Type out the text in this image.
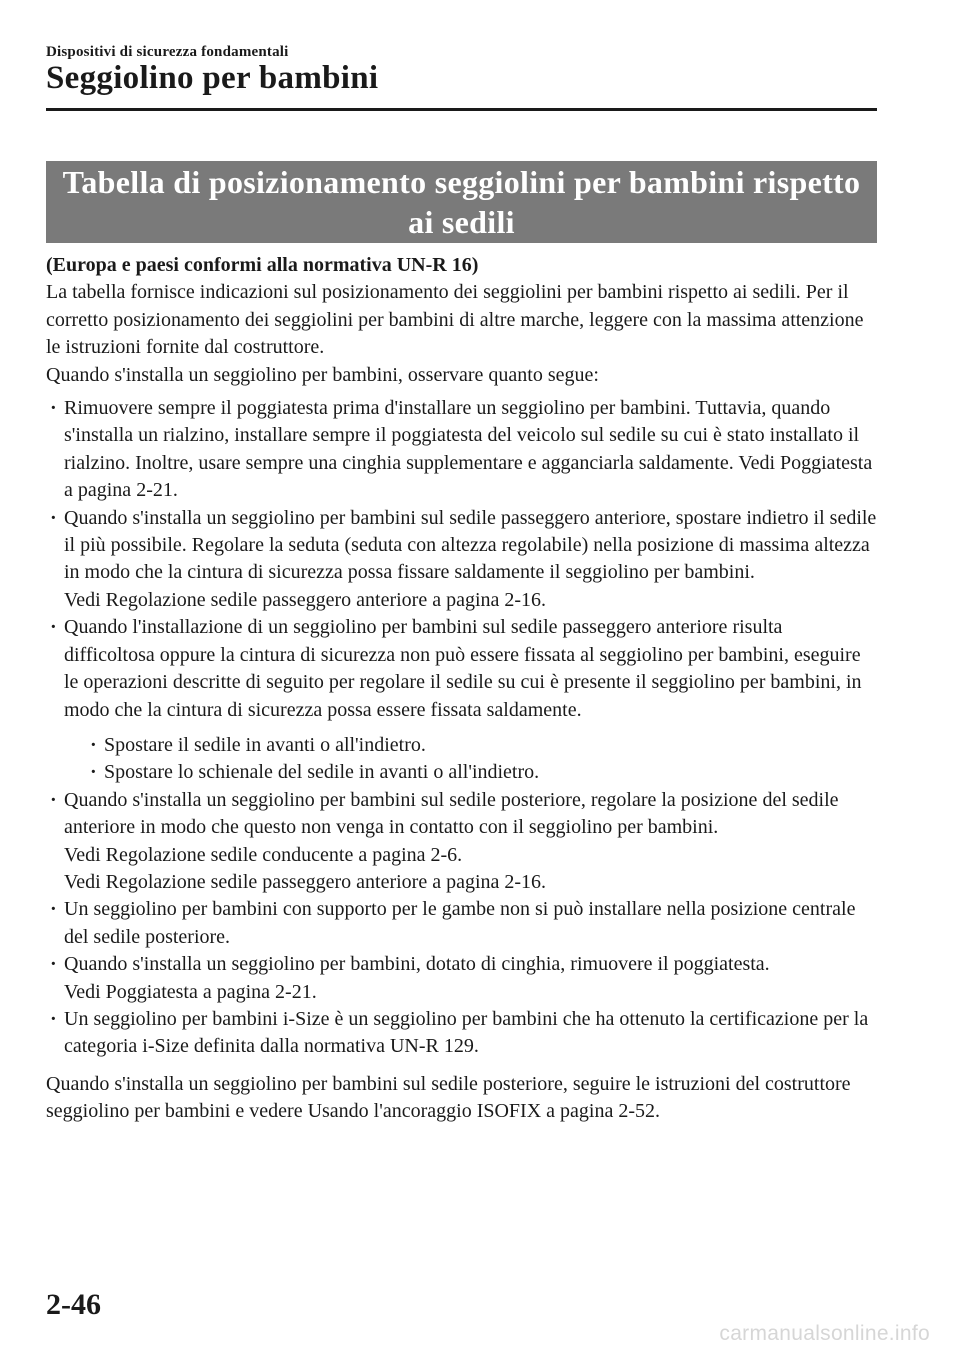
Dispositivi di sicurezza fondamentali
Seggiolino per bambini
Tabella di posizionamento seggiolini per bambini rispetto ai sedili

(Europa e paesi conformi alla normativa UN-R 16)

La tabella fornisce indicazioni sul posizionamento dei seggiolini per bambini rispetto ai sedili. Per il corretto posizionamento dei seggiolini per bambini di altre marche, leggere con la massima attenzione le istruzioni fornite dal costruttore.

Quando s'installa un seggiolino per bambini, osservare quanto segue:

· Rimuovere sempre il poggiatesta prima d'installare un seggiolino per bambini. Tuttavia, quando s'installa un rialzino, installare sempre il poggiatesta del veicolo sul sedile su cui è stato installato il rialzino. Inoltre, usare sempre una cinghia supplementare e agganciarla saldamente. Vedi Poggiatesta a pagina 2-21.
· Quando s'installa un seggiolino per bambini sul sedile passeggero anteriore, spostare indietro il sedile il più possibile. Regolare la seduta (seduta con altezza regolabile) nella posizione di massima altezza in modo che la cintura di sicurezza possa fissare saldamente il seggiolino per bambini.
Vedi Regolazione sedile passeggero anteriore a pagina 2-16.
· Quando l'installazione di un seggiolino per bambini sul sedile passeggero anteriore risulta difficoltosa oppure la cintura di sicurezza non può essere fissata al seggiolino per bambini, eseguire le operazioni descritte di seguito per regolare il sedile su cui è presente il seggiolino per bambini, in modo che la cintura di sicurezza possa essere fissata saldamente.
· Spostare il sedile in avanti o all'indietro.
· Spostare lo schienale del sedile in avanti o all'indietro.
· Quando s'installa un seggiolino per bambini sul sedile posteriore, regolare la posizione del sedile anteriore in modo che questo non venga in contatto con il seggiolino per bambini.
Vedi Regolazione sedile conducente a pagina 2-6.
Vedi Regolazione sedile passeggero anteriore a pagina 2-16.
· Un seggiolino per bambini con supporto per le gambe non si può installare nella posizione centrale del sedile posteriore.
· Quando s'installa un seggiolino per bambini, dotato di cinghia, rimuovere il poggiatesta.
Vedi Poggiatesta a pagina 2-21.
· Un seggiolino per bambini i-Size è un seggiolino per bambini che ha ottenuto la certificazione per la categoria i-Size definita dalla normativa UN-R 129.

Quando s'installa un seggiolino per bambini sul sedile posteriore, seguire le istruzioni del costruttore seggiolino per bambini e vedere Usando l'ancoraggio ISOFIX a pagina 2-52.

2-46
carmanualsonline.info
